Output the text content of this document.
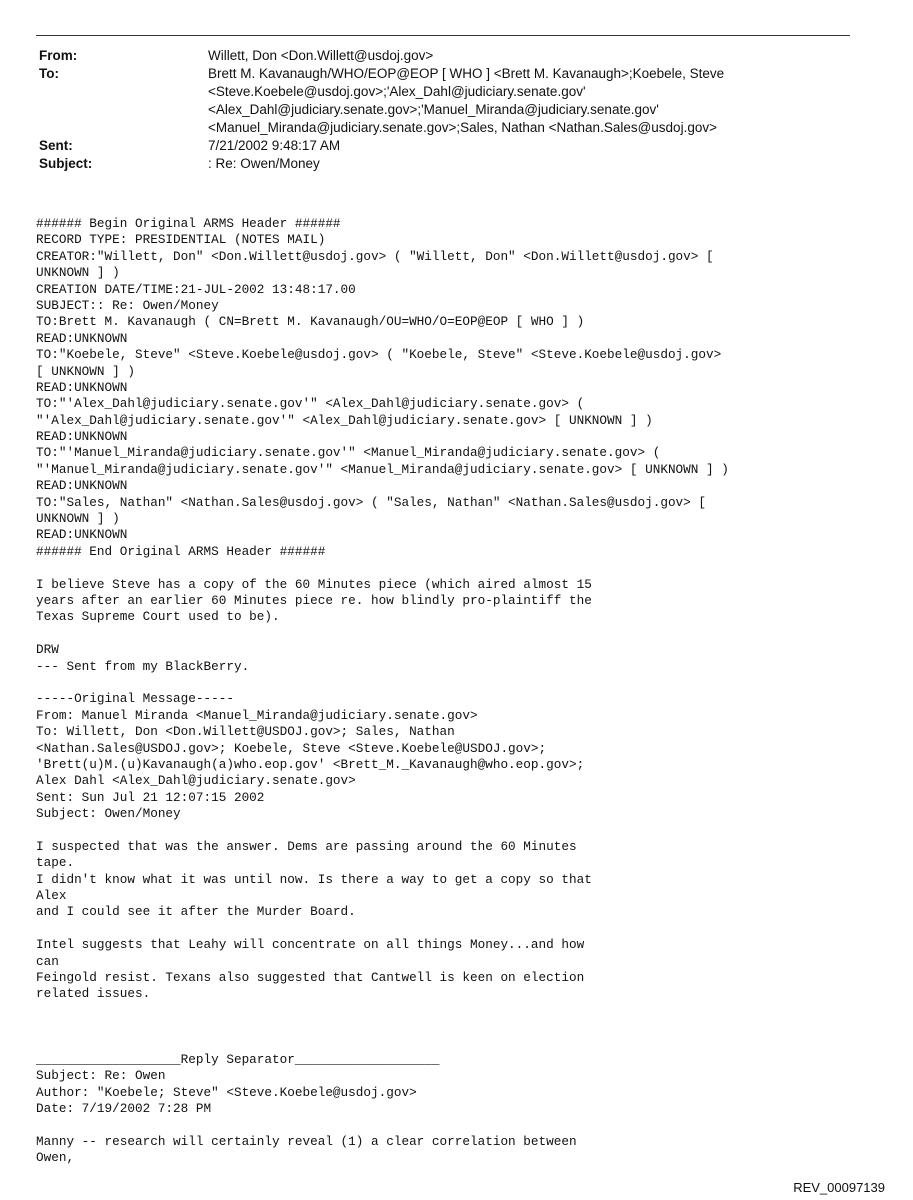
From:	Willett, Don <Don.Willett@usdoj.gov>
To:	Brett M. Kavanaugh/WHO/EOP@EOP [ WHO ] <Brett M. Kavanaugh>;Koebele, Steve
<Steve.Koebele@usdoj.gov>;'Alex_Dahl@judiciary.senate.gov'
<Alex_Dahl@judiciary.senate.gov>;'Manuel_Miranda@judiciary.senate.gov'
<Manuel_Miranda@judiciary.senate.gov>;Sales, Nathan <Nathan.Sales@usdoj.gov>
Sent:	7/21/2002 9:48:17 AM
Subject:	: Re: Owen/Money
###### Begin Original ARMS Header ######
RECORD TYPE: PRESIDENTIAL (NOTES MAIL)
CREATOR:"Willett, Don" <Don.Willett@usdoj.gov> ( "Willett, Don" <Don.Willett@usdoj.gov> [
UNKNOWN ] )
CREATION DATE/TIME:21-JUL-2002 13:48:17.00
SUBJECT:: Re: Owen/Money
TO:Brett M. Kavanaugh ( CN=Brett M. Kavanaugh/OU=WHO/O=EOP@EOP [ WHO ] )
READ:UNKNOWN
TO:"Koebele, Steve" <Steve.Koebele@usdoj.gov> ( "Koebele, Steve" <Steve.Koebele@usdoj.gov>
[ UNKNOWN ] )
READ:UNKNOWN
TO:"'Alex_Dahl@judiciary.senate.gov'" <Alex_Dahl@judiciary.senate.gov> (
"'Alex_Dahl@judiciary.senate.gov'" <Alex_Dahl@judiciary.senate.gov> [ UNKNOWN ] )
READ:UNKNOWN
TO:"'Manuel_Miranda@judiciary.senate.gov'" <Manuel_Miranda@judiciary.senate.gov> (
"'Manuel_Miranda@judiciary.senate.gov'" <Manuel_Miranda@judiciary.senate.gov> [ UNKNOWN ] )
READ:UNKNOWN
TO:"Sales, Nathan" <Nathan.Sales@usdoj.gov> ( "Sales, Nathan" <Nathan.Sales@usdoj.gov> [
UNKNOWN ] )
READ:UNKNOWN
###### End Original ARMS Header ######
I believe Steve has a copy of the 60 Minutes piece (which aired almost 15
years after an earlier 60 Minutes piece re. how blindly pro-plaintiff the
Texas Supreme Court used to be).
DRW
--- Sent from my BlackBerry.
-----Original Message-----
From: Manuel Miranda <Manuel_Miranda@judiciary.senate.gov>
To: Willett, Don <Don.Willett@USDOJ.gov>; Sales, Nathan
<Nathan.Sales@USDOJ.gov>; Koebele, Steve <Steve.Koebele@USDOJ.gov>;
'Brett(u)M.(u)Kavanaugh(a)who.eop.gov' <Brett_M._Kavanaugh@who.eop.gov>;
Alex Dahl <Alex_Dahl@judiciary.senate.gov>
Sent: Sun Jul 21 12:07:15 2002
Subject: Owen/Money
I suspected that was the answer. Dems are passing around the 60 Minutes
tape.
I didn't know what it was until now. Is there a way to get a copy so that
Alex
and I could see it after the Murder Board.
Intel suggests that Leahy will concentrate on all things Money...and how
can
Feingold resist. Texans also suggested that Cantwell is keen on election
related issues.
___________________Reply Separator___________________
Subject: Re: Owen
Author: "Koebele; Steve" <Steve.Koebele@usdoj.gov>
Date: 7/19/2002 7:28 PM
Manny -- research will certainly reveal (1) a clear correlation between
Owen,
REV_00097139
